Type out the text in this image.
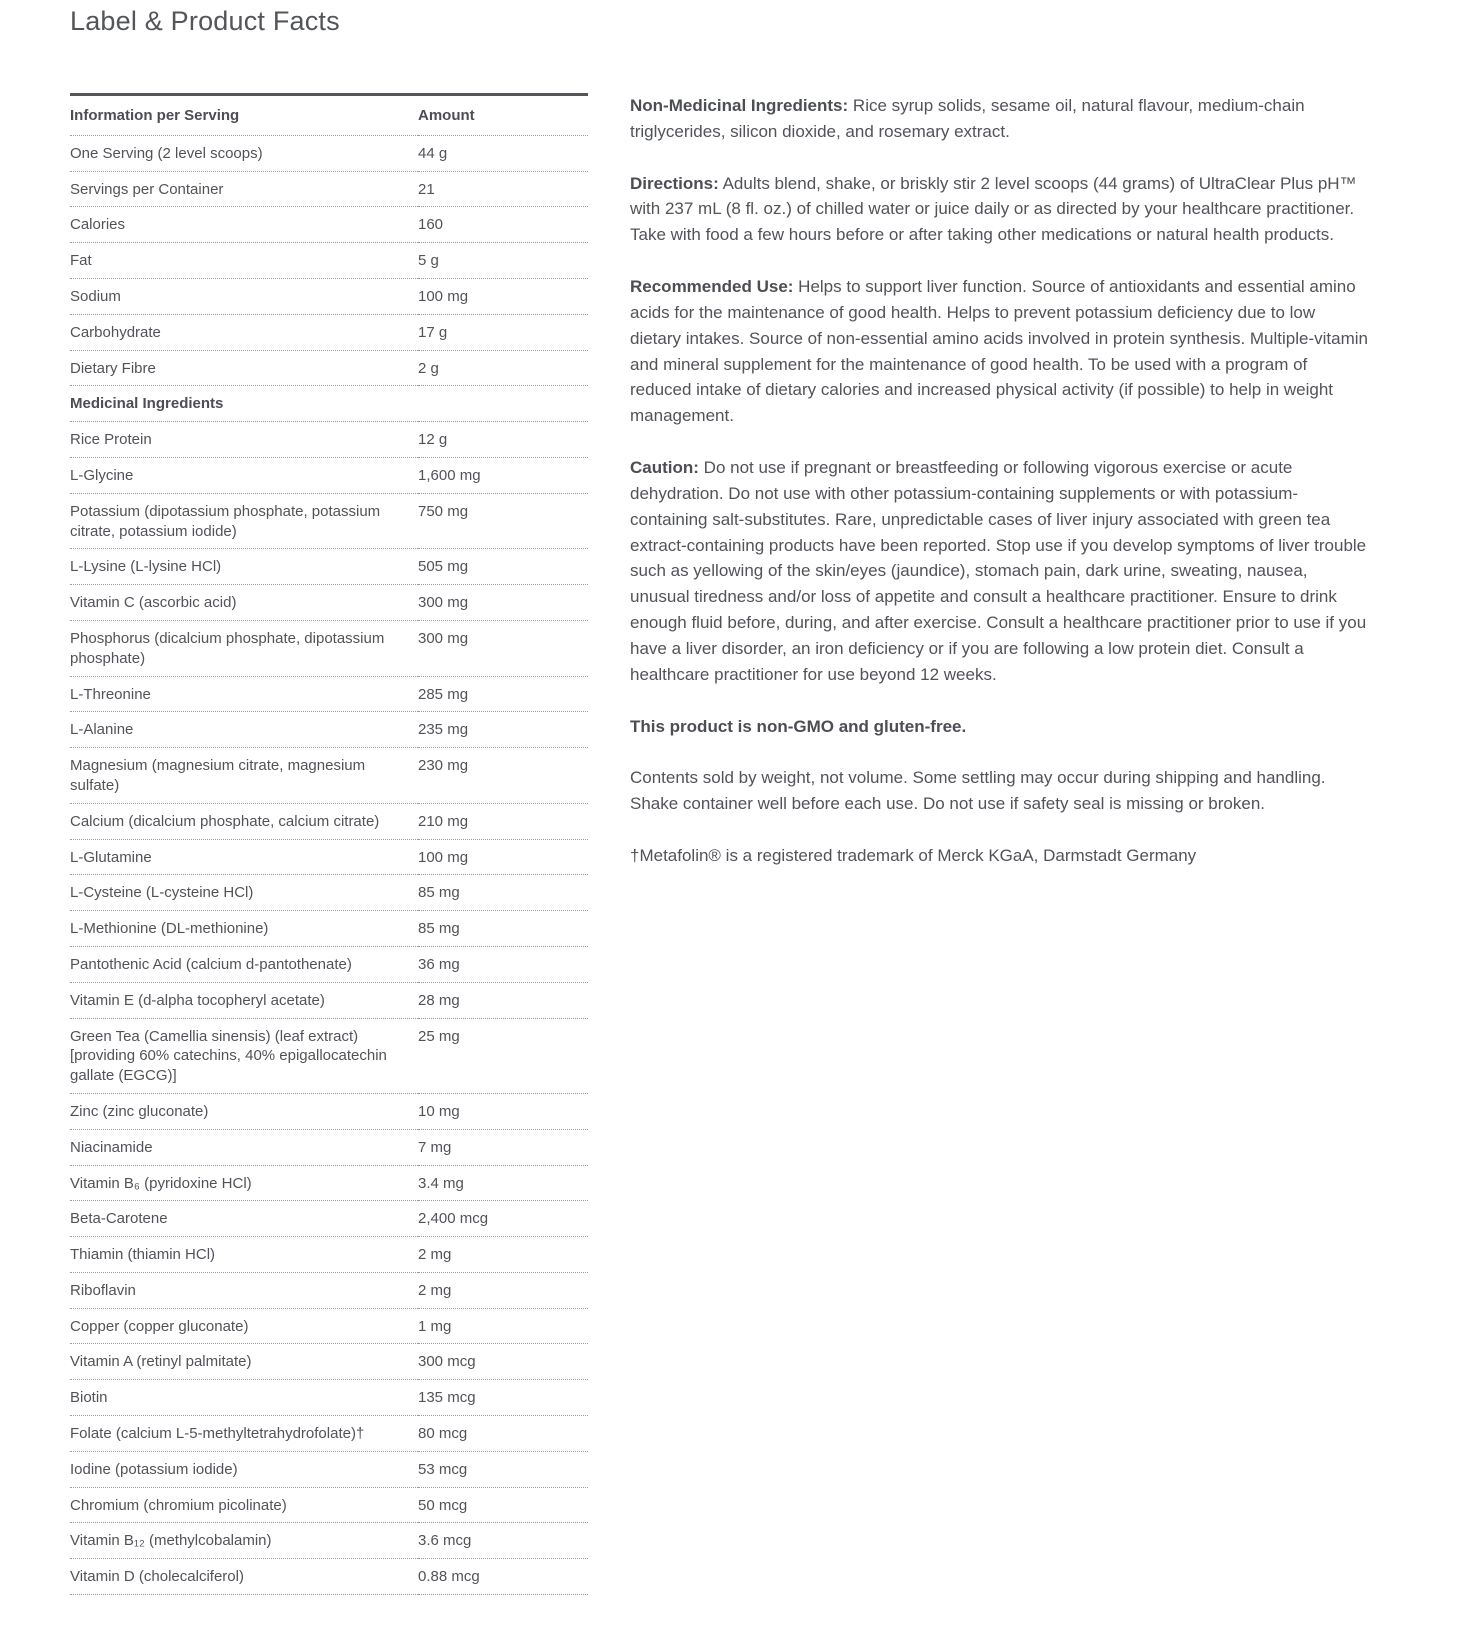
Label & Product Facts
Information per Serving	Amount
One Serving (2 level scoops)	44 g
Servings per Container	21
Calories	160
Fat	5 g
Sodium	100 mg
Carbohydrate	17 g
Dietary Fibre	2 g
Medicinal Ingredients	
Rice Protein	12 g
L-Glycine	1,600 mg
Potassium (dipotassium phosphate, potassium citrate, potassium iodide)	750 mg
L-Lysine (L-lysine HCl)	505 mg
Vitamin C (ascorbic acid)	300 mg
Phosphorus (dicalcium phosphate, dipotassium phosphate)	300 mg
L-Threonine	285 mg
L-Alanine	235 mg
Magnesium (magnesium citrate, magnesium sulfate)	230 mg
Calcium (dicalcium phosphate, calcium citrate)	210 mg
L-Glutamine	100 mg
L-Cysteine (L-cysteine HCl)	85 mg
L-Methionine (DL-methionine)	85 mg
Pantothenic Acid (calcium d-pantothenate)	36 mg
Vitamin E (d-alpha tocopheryl acetate)	28 mg
Green Tea (Camellia sinensis) (leaf extract) [providing 60% catechins, 40% epigallocatechin gallate (EGCG)]	25 mg
Zinc (zinc gluconate)	10 mg
Niacinamide	7 mg
Vitamin B₆ (pyridoxine HCl)	3.4 mg
Beta-Carotene	2,400 mcg
Thiamin (thiamin HCl)	2 mg
Riboflavin	2 mg
Copper (copper gluconate)	1 mg
Vitamin A (retinyl palmitate)	300 mcg
Biotin	135 mcg
Folate (calcium L-5-methyltetrahydrofolate)†	80 mcg
Iodine (potassium iodide)	53 mcg
Chromium (chromium picolinate)	50 mcg
Vitamin B₁₂ (methylcobalamin)	3.6 mcg
Vitamin D (cholecalciferol)	0.88 mcg

Non-Medicinal Ingredients: Rice syrup solids, sesame oil, natural flavour, medium-chain triglycerides, silicon dioxide, and rosemary extract.

Directions: Adults blend, shake, or briskly stir 2 level scoops (44 grams) of UltraClear Plus pH™ with 237 mL (8 fl. oz.) of chilled water or juice daily or as directed by your healthcare practitioner. Take with food a few hours before or after taking other medications or natural health products.

Recommended Use: Helps to support liver function. Source of antioxidants and essential amino acids for the maintenance of good health. Helps to prevent potassium deficiency due to low dietary intakes. Source of non-essential amino acids involved in protein synthesis. Multiple-vitamin and mineral supplement for the maintenance of good health. To be used with a program of reduced intake of dietary calories and increased physical activity (if possible) to help in weight management.

Caution: Do not use if pregnant or breastfeeding or following vigorous exercise or acute dehydration. Do not use with other potassium-containing supplements or with potassium-containing salt-substitutes. Rare, unpredictable cases of liver injury associated with green tea extract-containing products have been reported. Stop use if you develop symptoms of liver trouble such as yellowing of the skin/eyes (jaundice), stomach pain, dark urine, sweating, nausea, unusual tiredness and/or loss of appetite and consult a healthcare practitioner. Ensure to drink enough fluid before, during, and after exercise. Consult a healthcare practitioner prior to use if you have a liver disorder, an iron deficiency or if you are following a low protein diet. Consult a healthcare practitioner for use beyond 12 weeks.

This product is non-GMO and gluten-free.

Contents sold by weight, not volume. Some settling may occur during shipping and handling. Shake container well before each use. Do not use if safety seal is missing or broken.

†Metafolin® is a registered trademark of Merck KGaA, Darmstadt Germany
